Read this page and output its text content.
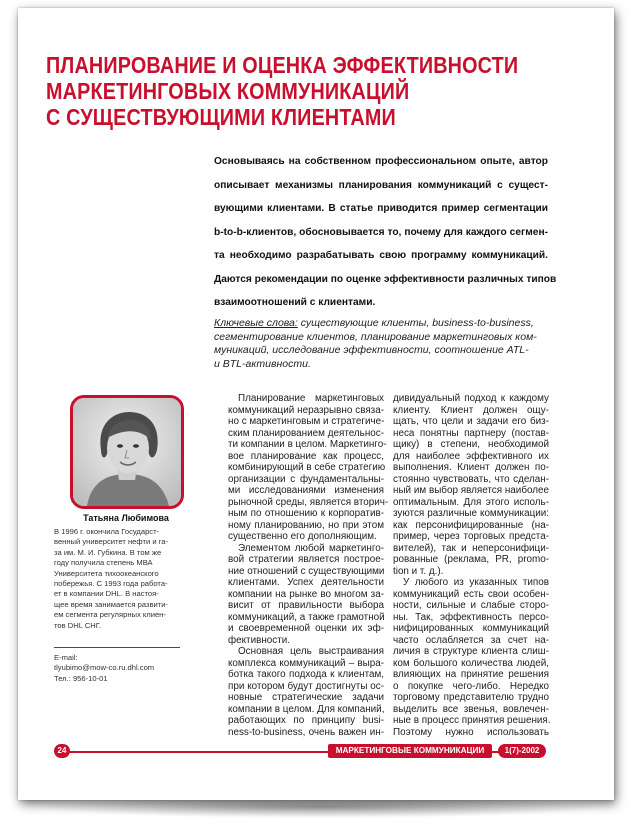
ПЛАНИРОВАНИЕ И ОЦЕНКА ЭФФЕКТИВНОСТИ
МАРКЕТИНГОВЫХ КОММУНИКАЦИЙ
С СУЩЕСТВУЮЩИМИ КЛИЕНТАМИ
Основываясь на собственном профессиональном опыте, автор
описывает механизмы планирования коммуникаций с сущест-
вующими клиентами. В статье приводится пример сегментации
b-to-b-клиентов, обосновывается то, почему для каждого сегмен-
та необходимо разрабатывать свою программу коммуникаций.
Даются рекомендации по оценке эффективности различных типов
взаимоотношений с клиентами.
Ключевые слова: существующие клиенты, business-to-business,
сегментирование клиентов, планирование маркетинговых ком-
муникаций, исследование эффективности, соотношение ATL-
и BTL-активности.
Татьяна Любимова
В 1996 г. окончила Государст-
венный университет нефти и га-
за им. М. И. Губкина. В том же
году получила степень МВА
Университета тихоокеанского
побережья. С 1993 года работа-
ет в компании DHL. В настоя-
щее время занимается развити-
ем сегмента регулярных клиен-
тов DHL СНГ.
E-mail:
tlyubimo@mow-co.ru.dhl.com
Тел.: 956-10-01
Планирование маркетинговых
коммуникаций неразрывно связа-
но с маркетинговым и стратегиче-
ским планированием деятельнос-
ти компании в целом. Маркетинго-
вое планирование как процесс,
комбинирующий в себе стратегию
организации с фундаментальны-
ми исследованиями изменения
рыночной среды, является вторич-
ным по отношению к корпоратив-
ному планированию, но при этом
существенно его дополняющим.
Элементом любой маркетинго-
вой стратегии является построе-
ние отношений с существующими
клиентами. Успех деятельности
компании на рынке во многом за-
висит от правильности выбора
коммуникаций, а также грамотной
и своевременной оценки их эф-
фективности.
Основная цель выстраивания
комплекса коммуникаций – выра-
ботка такого подхода к клиентам,
при котором будут достигнуты ос-
новные стратегические задачи
компании в целом. Для компаний,
работающих по принципу busi-
ness-to-business, очень важен ин-
дивидуальный подход к каждому
клиенту. Клиент должен ощу-
щать, что цели и задачи его биз-
неса понятны партнеру (постав-
щику) в степени, необходимой
для наиболее эффективного их
выполнения. Клиент должен по-
стоянно чувствовать, что сделан-
ный им выбор является наиболее
оптимальным. Для этого исполь-
зуются различные коммуникации:
как персонифицированные (на-
пример, через торговых предста-
вителей), так и неперсонифици-
рованные (реклама, PR, promo-
tion и т. д.).
У любого из указанных типов
коммуникаций есть свои особен-
ности, сильные и слабые сторо-
ны. Так, эффективность персо-
нифицированных коммуникаций
часто ослабляется за счет на-
личия в структуре клиента слиш-
ком большого количества людей,
влияющих на принятие решения
о покупке чего-либо. Нередко
торговому представителю трудно
выделить все звенья, вовлечен-
ные в процесс принятия решения.
Поэтому нужно использовать
24	МАРКЕТИНГОВЫЕ КОММУНИКАЦИИ	1(7)-2002
